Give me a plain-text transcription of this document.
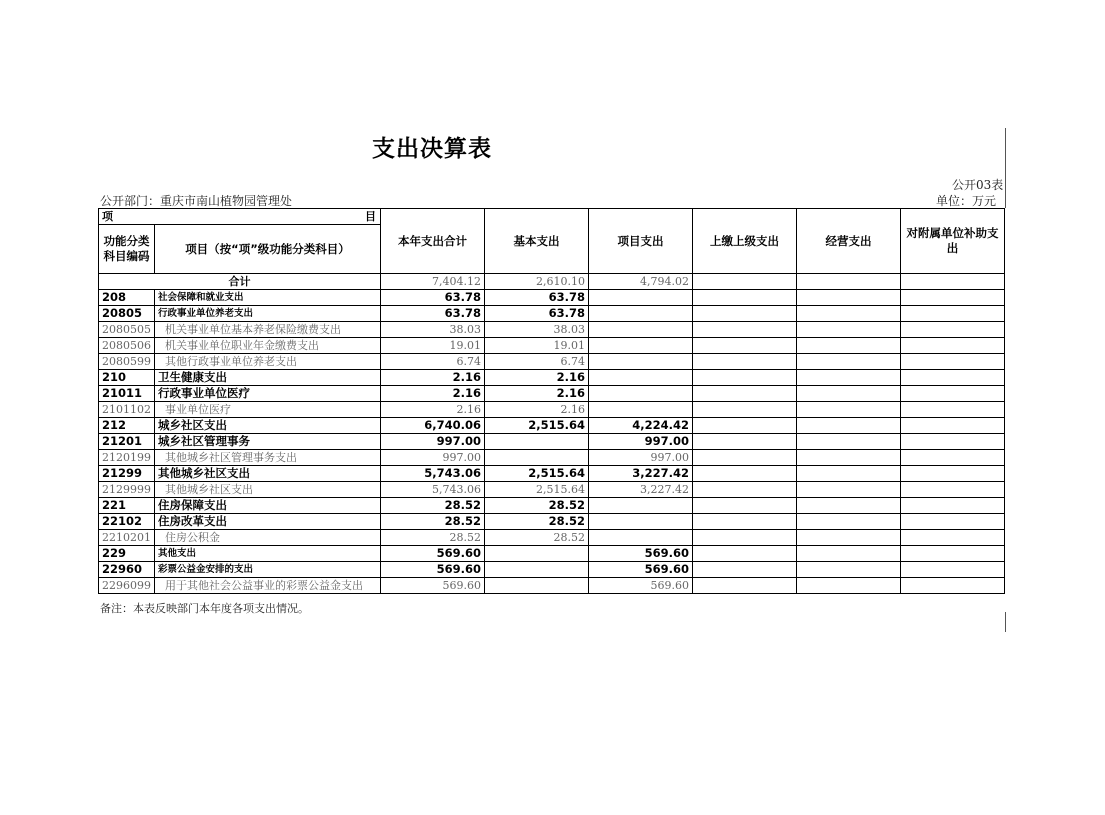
支出决算表
公开03表
公开部门：重庆市南山植物园管理处	单位：万元
项 目		本年支出合计	基本支出	项目支出	上缴上级支出	经营支出	对附属单位补助支出
功能分类科目编码	项目（按“项”级功能分类科目）						
合计		7,404.12	2,610.10	4,794.02			
208	社会保障和就业支出	63.78	63.78				
20805	行政事业单位养老支出	63.78	63.78				
2080505	机关事业单位基本养老保险缴费支出	38.03	38.03				
2080506	机关事业单位职业年金缴费支出	19.01	19.01				
2080599	其他行政事业单位养老支出	6.74	6.74				
210	卫生健康支出	2.16	2.16				
21011	行政事业单位医疗	2.16	2.16				
2101102	事业单位医疗	2.16	2.16				
212	城乡社区支出	6,740.06	2,515.64	4,224.42			
21201	城乡社区管理事务	997.00		997.00			
2120199	其他城乡社区管理事务支出	997.00		997.00			
21299	其他城乡社区支出	5,743.06	2,515.64	3,227.42			
2129999	其他城乡社区支出	5,743.06	2,515.64	3,227.42			
221	住房保障支出	28.52	28.52				
22102	住房改革支出	28.52	28.52				
2210201	住房公积金	28.52	28.52				
229	其他支出	569.60		569.60			
22960	彩票公益金安排的支出	569.60		569.60			
2296099	用于其他社会公益事业的彩票公益金支出	569.60		569.60			
备注：本表反映部门本年度各项支出情况。
